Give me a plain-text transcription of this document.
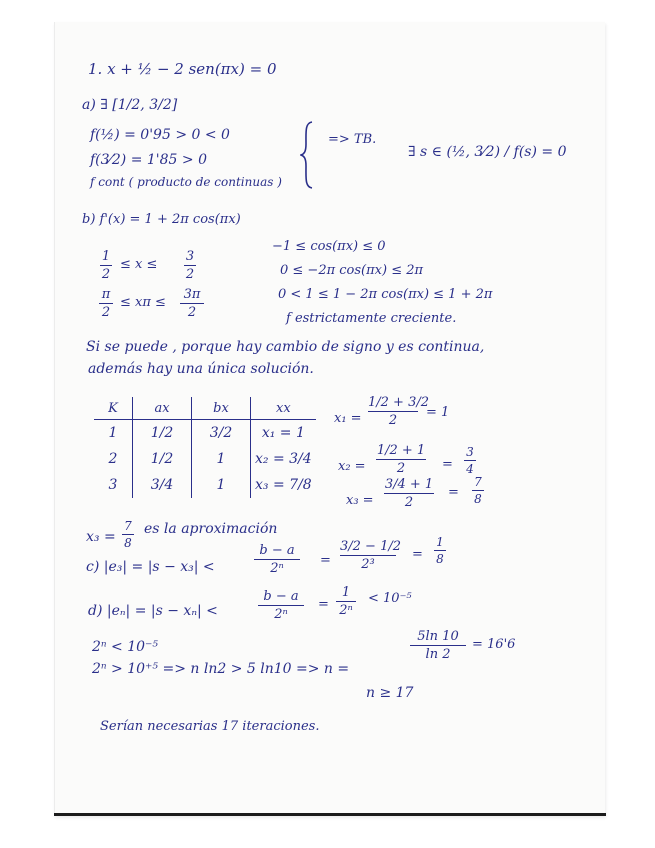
1. x + ½ − 2 sen(πx) = 0
a) ∃ [1/2, 3/2]
f(½) = 0'95 > 0 < 0
f(3⁄2) = 1'85 > 0
f cont ( producto de continuas )
=> TB.
∃ s ∈ (½, 3⁄2) / f(s) = 0
b) f'(x) = 1 + 2π cos(πx)
1
2
≤ x ≤
3
2
π
2
≤ xπ ≤
3π
2
−1 ≤ cos(πx) ≤ 0
0 ≤ −2π cos(πx) ≤ 2π
0 < 1 ≤ 1 − 2π cos(πx) ≤ 1 + 2π
f estrictamente creciente.
Si se puede , porque hay cambio de signo y es continua,
además hay una única solución.
K	ax	bx	xx
1	1/2	3/2	x₁ = 1
2	1/2	1	x₂ = 3/4
3	3/4	1	x₃ = 7/8
x₁ =
1/2 + 3/2
2
= 1
x₂ =
1/2 + 1
2	=
3
4
x₃ =
3/4 + 1
2
=
7
8
x₃ =
7
8
es la aproximación
c) |e₃| = |s − x₃| <
b − a
2ⁿ
=
3/2 − 1/2
2³
=
1
8
d) |eₙ| = |s − xₙ| <
b − a
2ⁿ
=
1
2ⁿ
< 10⁻⁵
2ⁿ < 10⁻⁵
2ⁿ > 10⁺⁵ => n ln2 > 5 ln10 => n =
5ln 10
ln 2
= 16'6
n ≥ 17
Serían necesarias 17 iteraciones.
